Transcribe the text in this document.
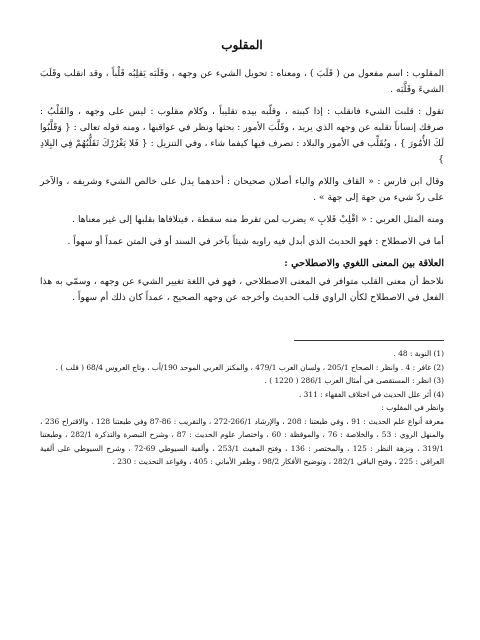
المقلوب

المقلوب : اسم مفعول من ( قَلَبَ ) ، ومعناه : تحويل الشيء عن وجهه ، وقَلَبَه يَقلِبُه قَلْباً ، وقد انقلب وقَلَبَ الشيءَ وقَلَّبَه .

تقول : قلبت الشيء فانقلب : إذا كببته ، وقلّبه بيده تقليباً ، وكلام مقلوب : ليس على وجهه ، والقَلْبُ : صرفك إنساناً تقلبه عن وجهه الذي يريد ، وقَلَّبَ الأمور : بحثها ونظر في عواقبها ، ومنه قوله تعالى : { وَقَلَّبُوا لَكَ الأُمُورَ } ، ويُقَلِّب في الأمور والبلاد : تصرف فيها كيفما شاء ، وفي التنزيل : { فَلا يَغْرُرْكَ تَقَلُّبُهُمْ فِي البِلادِ }

وقال ابن فارس : « القاف واللام والباء أصلان صحيحان : أحدهما يدل على خالص الشيء وشريفه ، والآخر على ردّ شيء من جهة إلى جهة » .

ومنه المثل العربي : « اقْلِبْ قَلابِ » يضرب لمن تقرط منه سقطة ، فيتلافاها بقلبها إلى غير معناها .

أما في الاصطلاح : فهو الحديث الذي أبدل فيه راويه شيئاً بآخر في السند أو في المتن عمداً أو سهواً .

العلاقة بين المعنى اللغوي والاصطلاحي :

نلاحظ أن معنى القلب متوافر في المعنى الاصطلاحي ، فهو في اللغة تغيير الشيء عن وجهه ، وسمّي به هذا الفعل في الاصطلاح لكأن الراوي قلب الحديث وأخرجه عن وجهه الصحيح ، عمداً كان ذلك أم سهواً .

(1) النوبة : 48 .

(2) غافر : 4 . وانظر : الصحاح 205/1 ، ولسان العرب 479/1 ، والمكنز العربي الموحد 190/أب ، وتاج العروس 68/4 ( قلب ) .

(3) انظر : المستقصى في أمثال العرب 286/1 ( 1220 ) .

(4) أثر علل الحديث في اختلاف الفقهاء : 311 .

وانظر في المقلوب :

معرفة أنواع علم الحديث : 91 ، وفي طبعتنا : 208 ، والإرشاد 266/1-272 ، والتقريب : 86-87 وفي طبعتنا 128 ، والاقتراح 236 ، والمنهل الروي : 53 ، والخلاصة : 76 ، والموقظة : 60 ، واختصار علوم الحديث : 87 ، وشرح التبصرة والتذكرة 282/1 ، وطبعتنا 319/1 ، ونزهة النظر : 125 ، والمختصر : 136 ، وفتح المغيث 253/1 ، وألفية السيوطي 69-72 ، وشرح السيوطي على ألفية العراقي : 225 ، وفتح الباقي 282/1 ، وتوضيح الأفكار 98/2 ، وظفر الأماني : 405 ، وقواعد التحديث : 230 .
